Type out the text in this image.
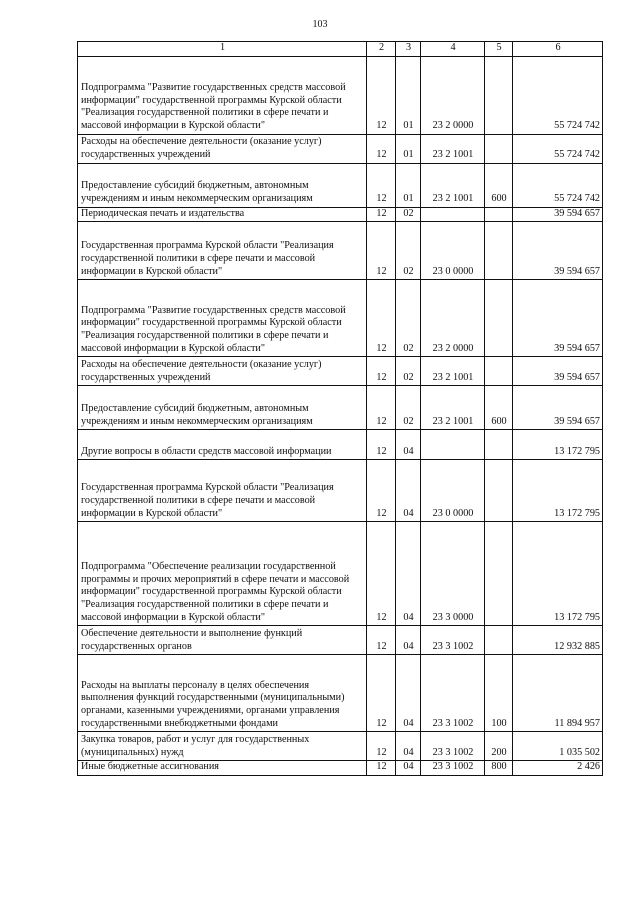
103
1	2	3	4	5	6
Подпрограмма "Развитие государственных средств массовой информации" государственной программы Курской области "Реализация государственной политики в сфере печати и массовой информации в Курской области"	12	01	23 2 0000		55 724 742
Расходы на обеспечение деятельности (оказание услуг) государственных учреждений	12	01	23 2 1001		55 724 742
Предоставление субсидий бюджетным, автономным учреждениям и иным некоммерческим организациям	12	01	23 2 1001	600	55 724 742
Периодическая печать и издательства	12	02			39 594 657
Государственная программа Курской области "Реализация государственной политики в сфере печати и массовой информации в Курской области"	12	02	23 0 0000		39 594 657
Подпрограмма "Развитие государственных средств массовой информации" государственной программы Курской области "Реализация государственной политики в сфере печати и массовой информации в Курской области"	12	02	23 2 0000		39 594 657
Расходы на обеспечение деятельности (оказание услуг) государственных учреждений	12	02	23 2 1001		39 594 657
Предоставление субсидий бюджетным, автономным учреждениям и иным некоммерческим организациям	12	02	23 2 1001	600	39 594 657
Другие вопросы в области средств массовой информации	12	04			13 172 795
Государственная программа Курской области "Реализация государственной политики в сфере печати и массовой информации в Курской области"	12	04	23 0 0000		13 172 795
Подпрограмма "Обеспечение реализации государственной программы и прочих мероприятий в сфере печати и массовой информации" государственной программы Курской области "Реализация государственной политики в сфере печати и массовой информации в Курской области"	12	04	23 3 0000		13 172 795
Обеспечение деятельности и выполнение функций государственных органов	12	04	23 3 1002		12 932 885
Расходы на выплаты персоналу в целях обеспечения выполнения функций государственными (муниципальными) органами, казенными учреждениями, органами управления государственными внебюджетными фондами	12	04	23 3 1002	100	11 894 957
Закупка товаров, работ и услуг для государственных (муниципальных) нужд	12	04	23 3 1002	200	1 035 502
Иные бюджетные ассигнования	12	04	23 3 1002	800	2 426
